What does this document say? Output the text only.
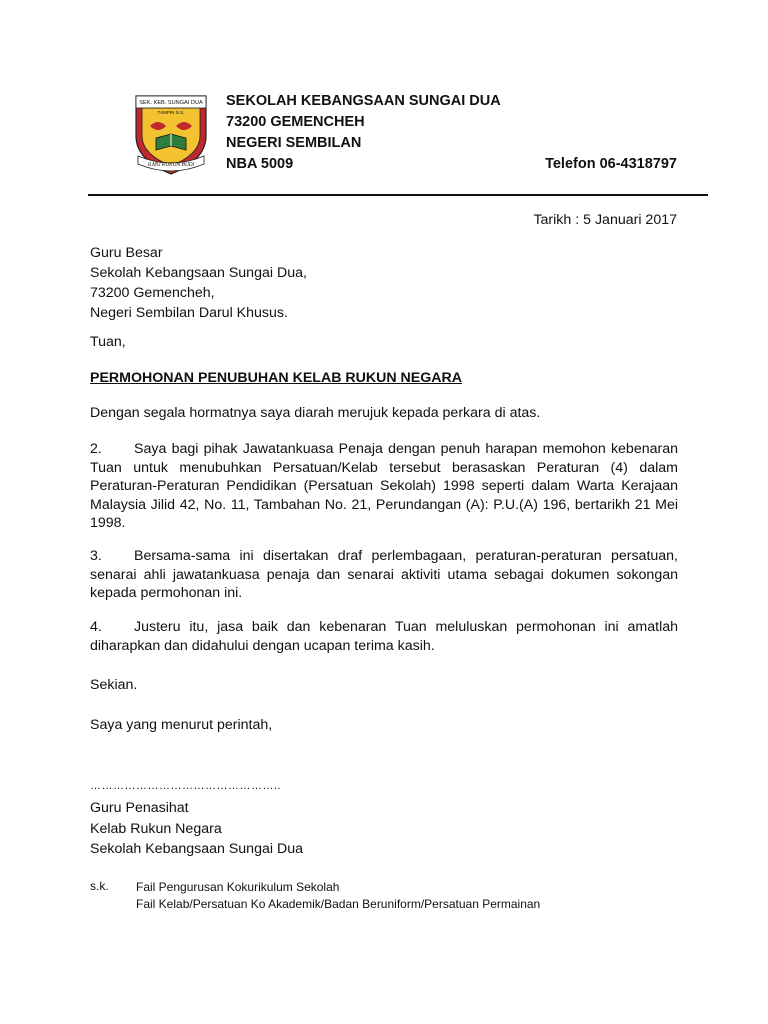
SEK. KEB. SUNGAI DUA
TAMPIN N.S.
ILMU RUKUN BUDI
SEKOLAH KEBANGSAAN SUNGAI DUA
73200 GEMENCHEH
NEGERI SEMBILAN
NBA 5009	Telefon 06-4318797
Tarikh : 5 Januari 2017
Guru Besar
Sekolah Kebangsaan Sungai Dua,
73200 Gemencheh,
Negeri Sembilan Darul Khusus.
Tuan,
PERMOHONAN PENUBUHAN KELAB RUKUN NEGARA
Dengan segala hormatnya saya diarah merujuk kepada perkara di atas.
2. Saya bagi pihak Jawatankuasa Penaja dengan penuh harapan memohon kebenaran Tuan untuk menubuhkan Persatuan/Kelab tersebut berasaskan Peraturan (4) dalam Peraturan-Peraturan Pendidikan (Persatuan Sekolah) 1998 seperti dalam Warta Kerajaan Malaysia Jilid 42, No. 11, Tambahan No. 21, Perundangan (A): P.U.(A) 196, bertarikh 21 Mei 1998.
3. Bersama-sama ini disertakan draf perlembagaan, peraturan-peraturan persatuan, senarai ahli jawatankuasa penaja dan senarai aktiviti utama sebagai dokumen sokongan kepada permohonan ini.
4. Justeru itu, jasa baik dan kebenaran Tuan meluluskan permohonan ini amatlah diharapkan dan didahului dengan ucapan terima kasih.
Sekian.
Saya yang menurut perintah,
…………………………………………..
Guru Penasihat
Kelab Rukun Negara
Sekolah Kebangsaan Sungai Dua
s.k. Fail Pengurusan Kokurikulum Sekolah
Fail Kelab/Persatuan Ko Akademik/Badan Beruniform/Persatuan Permainan
